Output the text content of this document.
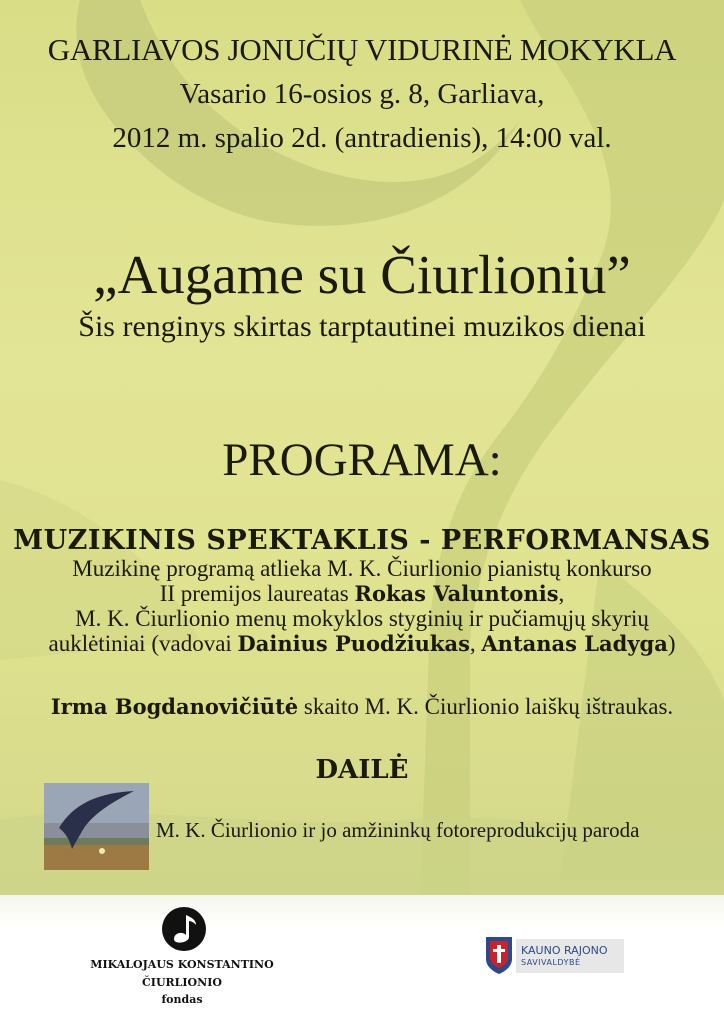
GARLIAVOS JONUČIŲ VIDURINĖ MOKYKLA
Vasario 16-osios g. 8, Garliava,
2012 m. spalio 2d. (antradienis), 14:00 val.
„Augame su Čiurlioniu”
Šis renginys skirtas tarptautinei muzikos dienai
PROGRAMA:
MUZIKINIS SPEKTAKLIS - PERFORMANSAS
Muzikinę programą atlieka M. K. Čiurlionio pianistų konkurso
II premijos laureatas Rokas Valuntonis,
M. K. Čiurlionio menų mokyklos styginių ir pučiamųjų skyrių
auklėtiniai (vadovai Dainius Puodžiukas, Antanas Ladyga)
Irma Bogdanovičiūtė skaito M. K. Čiurlionio laiškų ištraukas.
DAILĖ
M. K. Čiurlionio ir jo amžininkų fotoreprodukcijų paroda
MIKALOJAUS KONSTANTINO
ČIURLIONIO
fondas
KAUNO RAJONO
SAVIVALDYBĖ
